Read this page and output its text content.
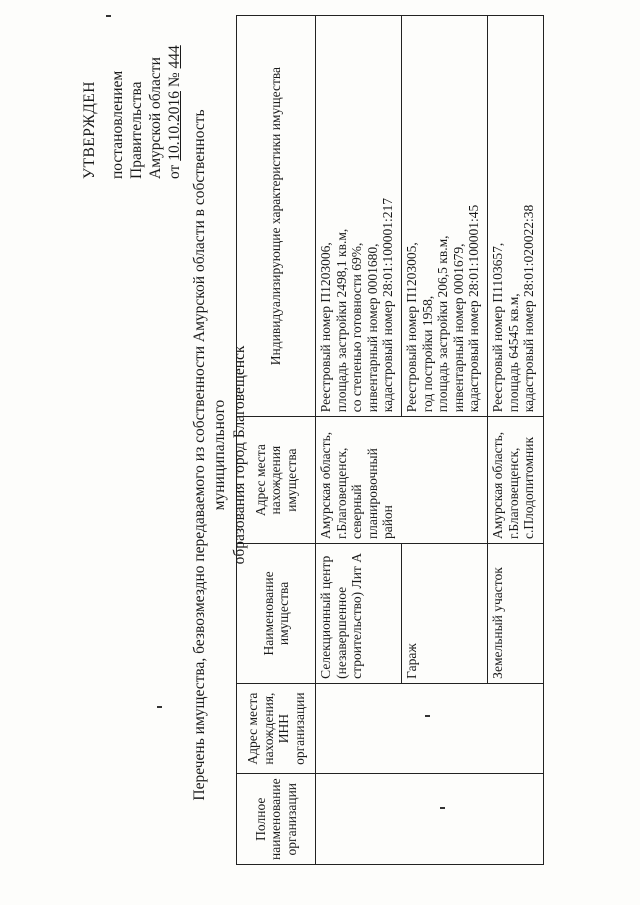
УТВЕРЖДЕН постановлением Правительства Амурской области от 10.10.2016 № 444
Перечень имущества, безвозмездно передаваемого из собственности Амурской области в собственность муниципального образования город Благовещенск
Полное наименование организации	Адрес места нахождения, ИНН организации	Наименование имущества	Адрес места нахождения имущества	Индивидуализирующие характеристики имущества
		Селекционный центр (незавершенное строительство) Лит А	Амурская область, г.Благовещенск, северный планировочный район	Реестровый номер П1203006,
площадь застройки 2498,1 кв.м,
со степенью готовности 69%,
инвентарный номер 0001680,
кадастровый номер 28:01:100001:217
		Гараж		Реестровый номер П1203005,
год постройки 1958,
площадь застройки 206,5 кв.м,
инвентарный номер 0001679,
кадастровый номер 28:01:100001:45
		Земельный участок	Амурская область, г.Благовещенск, с.Плодопитомник	Реестровый номер П1103657,
площадь 64545 кв.м,
кадастровый номер 28:01:020022:38
